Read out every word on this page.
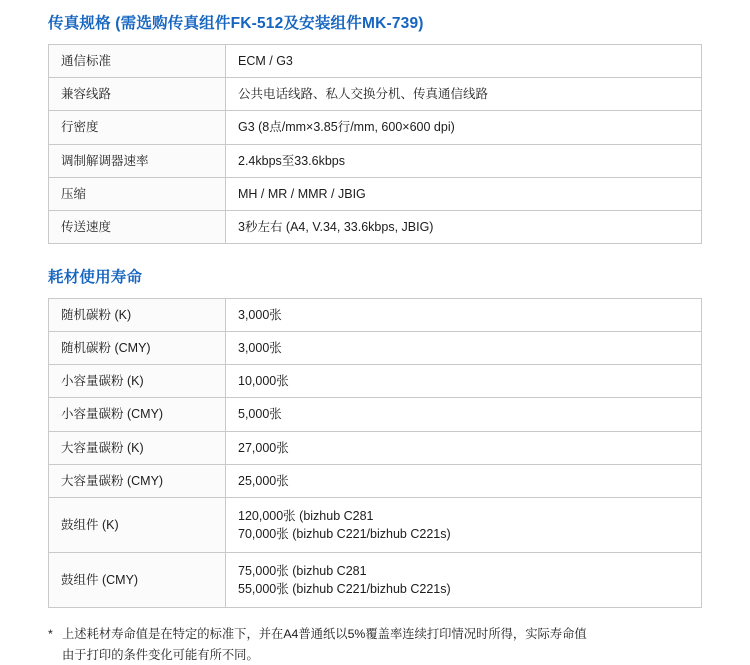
传真规格 (需选购传真组件FK-512及安装组件MK-739)
通信标准	ECM / G3

兼容线路	公共电话线路、私人交换分机、传真通信线路

行密度	G3 (8点/mm×3.85行/mm, 600×600 dpi)

调制解调器速率	2.4kbps至33.6kbps

压缩	MH / MR / MMR / JBIG

传送速度	3秒左右 (A4, V.34, 33.6kbps, JBIG)
耗材使用寿命
随机碳粉 (K)	3,000张

随机碳粉 (CMY)	3,000张

小容量碳粉 (K)	10,000张

小容量碳粉 (CMY)	5,000张

大容量碳粉 (K)	27,000张

大容量碳粉 (CMY)	25,000张

鼓组件 (K)	120,000张 (bizhub C281
70,000张 (bizhub C221/bizhub C221s)

鼓组件 (CMY)	75,000张 (bizhub C281
55,000张 (bizhub C221/bizhub C221s)
* 上述耗材寿命值是在特定的标准下，并在A4普通纸以5%覆盖率连续打印情况时所得，实际寿命值
由于打印的条件变化可能有所不同。
